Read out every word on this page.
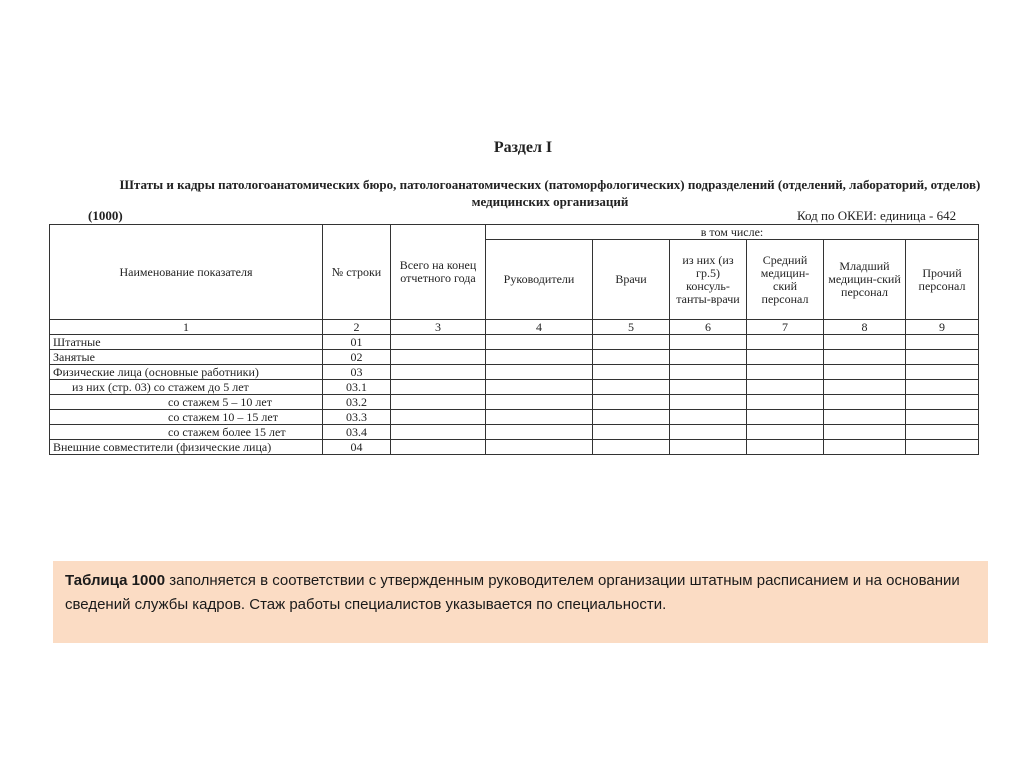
Раздел I
Штаты и кадры патологоанатомических бюро, патологоанатомических (патоморфологических) подразделений (отделений, лабораторий, отделов) медицинских организаций
(1000)	Код по ОКЕИ: единица - 642
Наименование показателя	№ строки	Всего на конец отчетного года	в том числе:					
			Руководители	Врачи	из них (из гр.5) консуль-танты-врачи	Средний медицин-ский персонал	Младший медицин-ский персонал	Прочий персонал
1	2	3	4	5	6	7	8	9
Штатные	01							
Занятые	02							
Физические лица (основные работники)	03							
из них (стр. 03) со стажем до 5 лет	03.1							
со стажем 5 – 10 лет	03.2							
со стажем 10 – 15 лет	03.3							
со стажем более 15 лет	03.4							
Внешние совместители (физические лица)	04							
Таблица 1000 заполняется в соответствии с утвержденным руководителем организации штатным расписанием и на основании сведений службы кадров. Стаж работы специалистов указывается по специальности.
